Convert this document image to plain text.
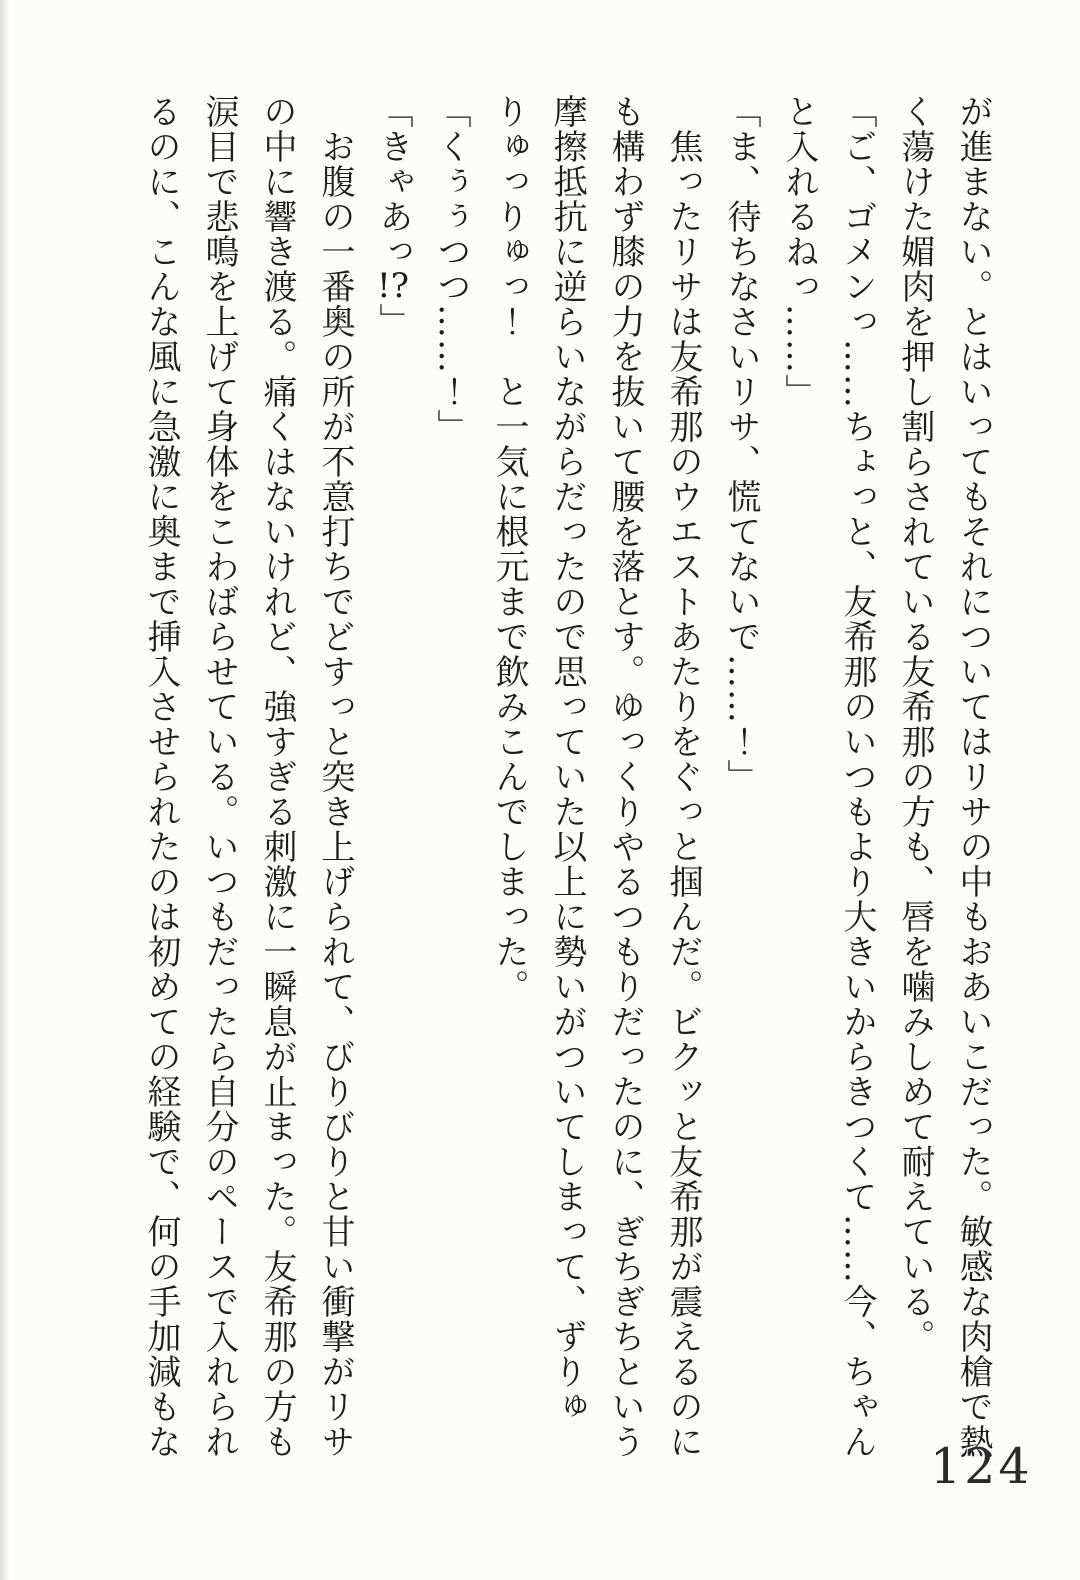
が進まない。とはいってもそれについてはリサの中もおあいこだった。敏感な肉槍で熱
く蕩けた媚肉を押し割らされている友希那の方も、唇を噛みしめて耐えている。
「ご、ゴメンっ……ちょっと、友希那のいつもより大きいからきつくて……今、ちゃん
と入れるねっ……」
「ま、待ちなさいリサ、慌てないで……！」
　焦ったリサは友希那のウエストあたりをぐっと掴んだ。ビクッと友希那が震えるのに
も構わず膝の力を抜いて腰を落とす。ゆっくりやるつもりだったのに、ぎちぎちという
摩擦抵抗に逆らいながらだったので思っていた以上に勢いがついてしまって、ずりゅ
りゅっりゅっ！　と一気に根元まで飲みこんでしまった。
「くぅぅつつ……！」
「きゃあっ!?」
　お腹の一番奥の所が不意打ちでどすっと突き上げられて、びりびりと甘い衝撃がリサ
の中に響き渡る。痛くはないけれど、強すぎる刺激に一瞬息が止まった。友希那の方も
涙目で悲鳴を上げて身体をこわばらせている。いつもだったら自分のペースで入れられ
るのに、こんな風に急激に奥まで挿入させられたのは初めての経験で、何の手加減もな
124
